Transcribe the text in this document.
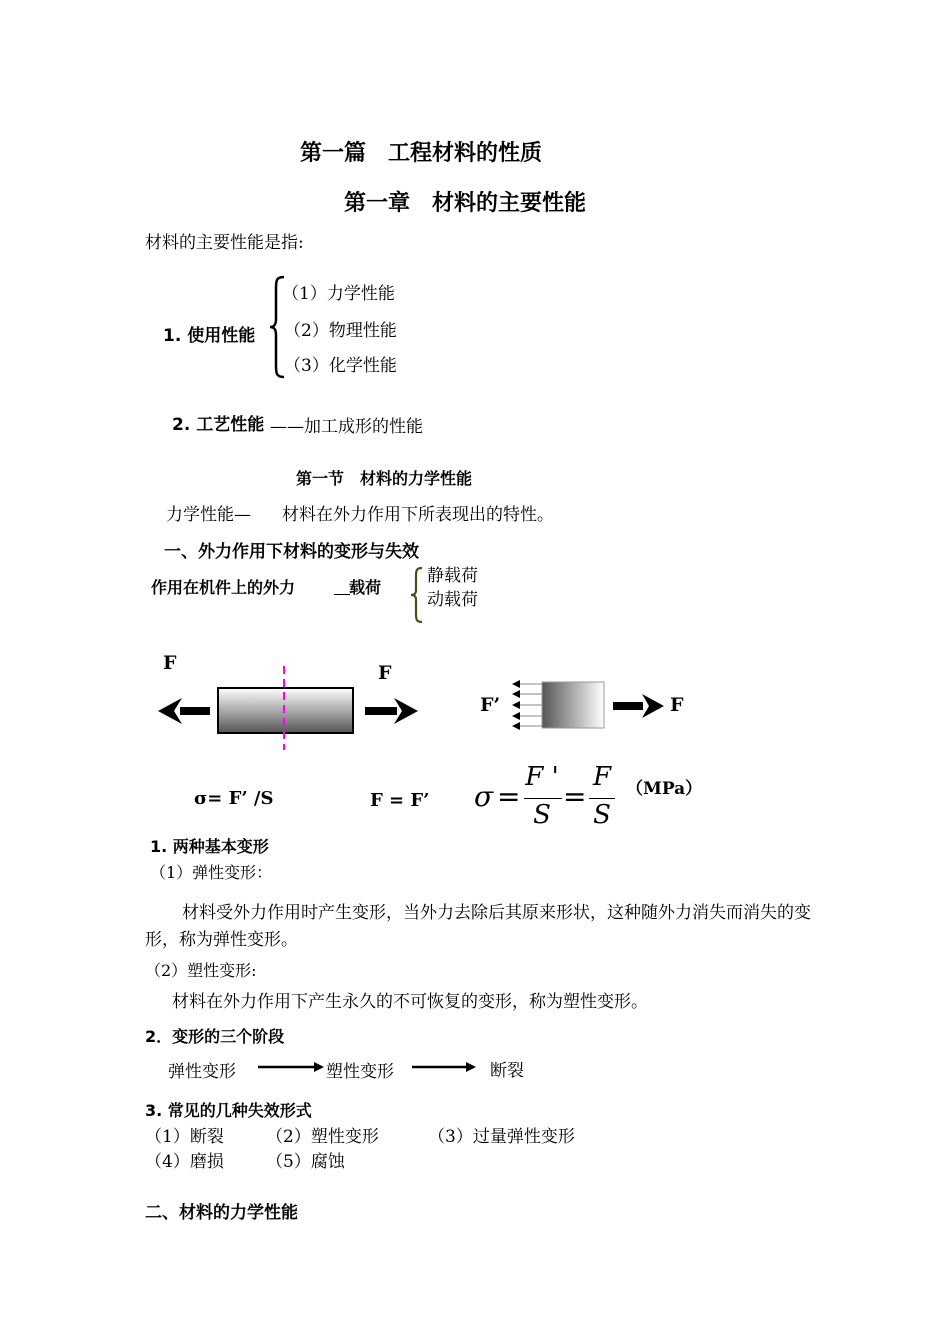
第一篇　工程材料的性质
第一章　材料的主要性能
材料的主要性能是指:
1. 使用性能
（1）力学性能
（2）物理性能
（3）化学性能
2. 工艺性能 ——加工成形的性能
第一节　材料的力学性能
力学性能— 材料在外力作用下所表现出的特性。
一、外力作用下材料的变形与失效
作用在机件上的外力	载荷
静载荷
动载荷
F	F
F’	F
σ= F’ /S	F = F’ σ =
F '
S
=
F
S
（MPa）
1. 两种基本变形
（1）弹性变形：
材料受外力作用时产生变形，当外力去除后其原来形状，这种随外力消失而消失的变形，称为弹性变形。
（2）塑性变形:
材料在外力作用下产生永久的不可恢复的变形，称为塑性变形。
2．变形的三个阶段
弹性变形	塑性变形	断裂
3. 常见的几种失效形式
（1）断裂 （2）塑性变形	（3）过量弹性变形
（4）磨损 （5）腐蚀
二、材料的力学性能
